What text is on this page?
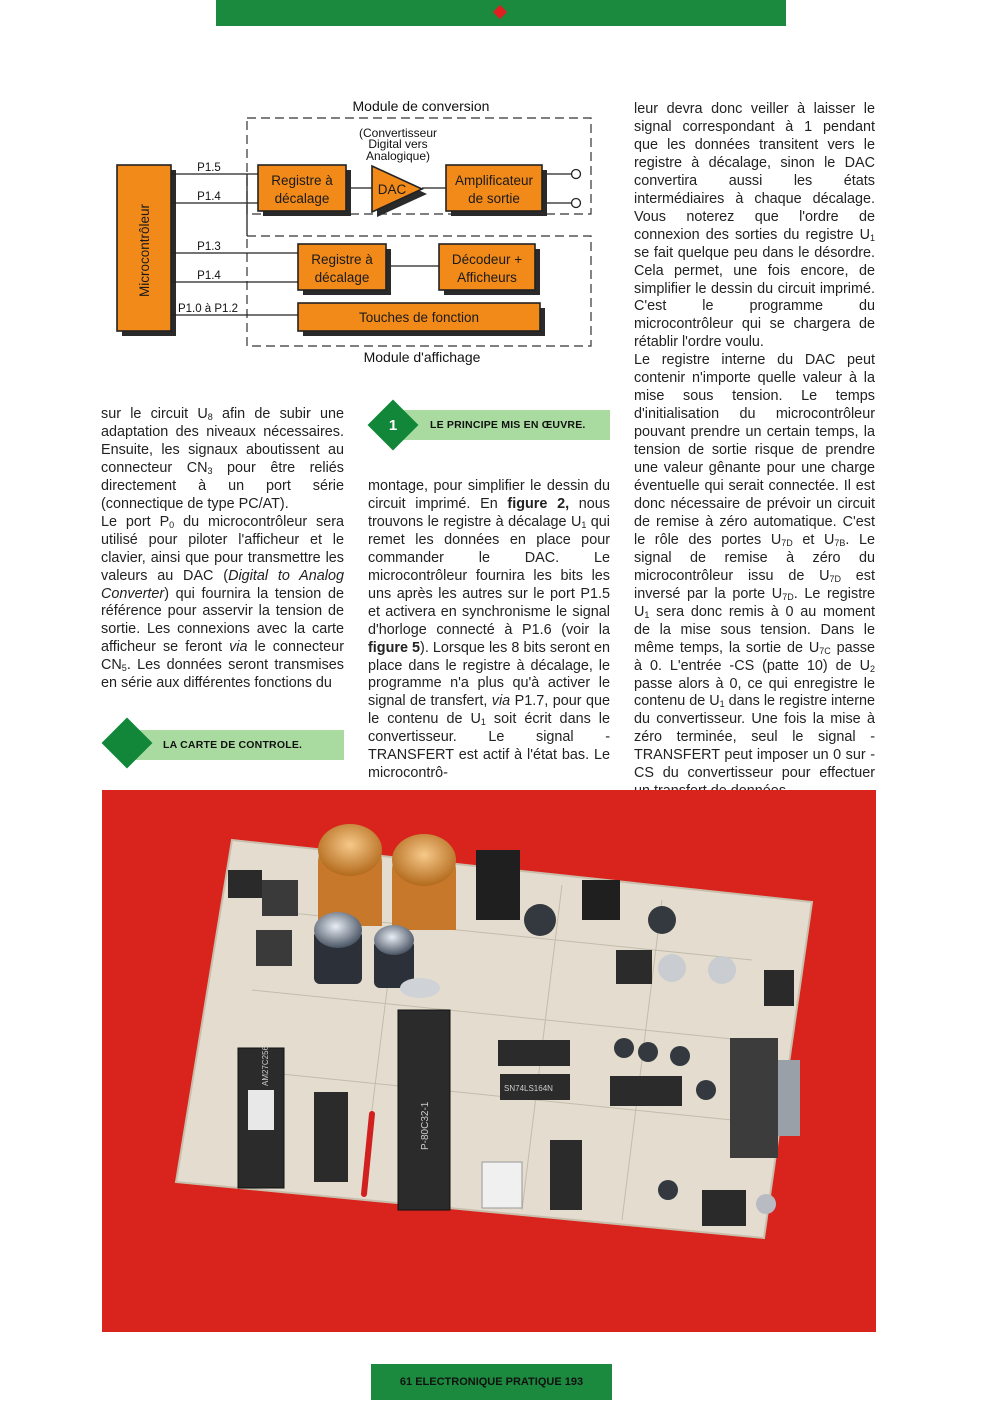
Module de conversion
Module d'affichage
(Convertisseur
Digital vers
Analogique)
Microcontrôleur
P1.5
P1.4
P1.3
P1.4
P1.0 à P1.2
Registre à
décalage
DAC
Amplificateur
de sortie
Registre à
décalage
Décodeur +
Afficheurs
Touches de fonction

sur le circuit $U_8$ afin de subir une adaptation des niveaux nécessaires. Ensuite, les signaux aboutissent au connecteur $CN_3$ pour être reliés directement à un port série (connectique de type PC/AT).

Le port $P_0$ du microcontrôleur sera utilisé pour piloter l'afficheur et le clavier, ainsi que pour transmettre les valeurs au DAC (Digital to Analog Converter) qui fournira la tension de référence pour asservir la tension de sortie. Les connexions avec la carte afficheur se feront via le connecteur $CN_5$. Les données seront transmises en série aux différentes fonctions du

LA CARTE DE CONTROLE.
LE PRINCIPE MIS EN ŒUVRE.
1

montage, pour simplifier le dessin du circuit imprimé. En figure 2, nous trouvons le registre à décalage $U_1$ qui remet les données en place pour commander le DAC. Le microcontrôleur fournira les bits les uns après les autres sur le port P1.5 et activera en synchronisme le signal d'horloge connecté à P1.6 (voir la figure 5). Lorsque les 8 bits seront en place dans le registre à décalage, le programme n'a plus qu'à activer le signal de transfert, via P1.7, pour que le contenu de $U_1$ soit écrit dans le convertisseur. Le signal -TRANSFERT est actif à l'état bas. Le microcontrô-

leur devra donc veiller à laisser le signal correspondant à 1 pendant que les données transitent vers le registre à décalage, sinon le DAC convertira aussi les états intermédiaires à chaque décalage. Vous noterez que l'ordre de connexion des sorties du registre $U_1$ se fait quelque peu dans le désordre. Cela permet, une fois encore, de simplifier le dessin du circuit imprimé. C'est le programme du microcontrôleur qui se chargera de rétablir l'ordre voulu.

Le registre interne du DAC peut contenir n'importe quelle valeur à la mise sous tension. Le temps d'initialisation du microcontrôleur pouvant prendre un certain temps, la tension de sortie risque de prendre une valeur gênante pour une charge éventuelle qui serait connectée. Il est donc nécessaire de prévoir un circuit de remise à zéro automatique. C'est le rôle des portes $U_{7D}$ et $U_{7B}$. Le signal de remise à zéro du microcontrôleur issu de $U_{7D}$ est inversé par la porte $U_{7D}$. Le registre $U_1$ sera donc remis à 0 au moment de la mise sous tension. Dans le même temps, la sortie de $U_{7C}$ passe à 0. L'entrée -CS (patte 10) de $U_2$ passe alors à 0, ce qui enregistre le contenu de $U_1$ dans le registre interne du convertisseur. Une fois la mise à zéro terminée, seul le signal -TRANSFERT peut imposer un 0 sur -CS du convertisseur pour effectuer

P-80C32-1
AM27C256
SN74LS164N
61 ELECTRONIQUE PRATIQUE 193
